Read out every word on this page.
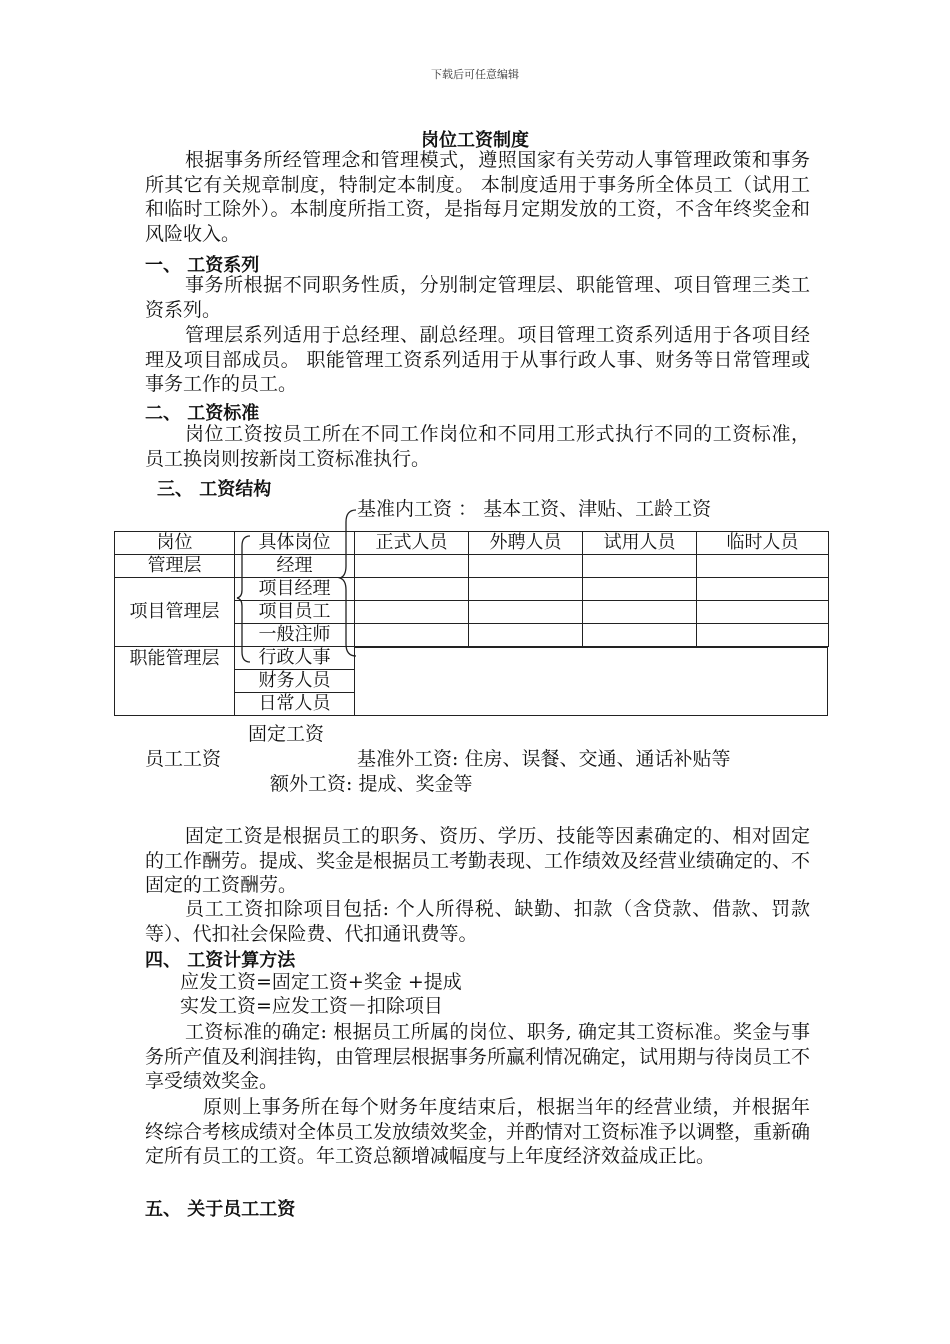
下载后可任意编辑
岗位工资制度
根据事务所经管理念和管理模式，遵照国家有关劳动人事管理政策和事务所其它有关规章制度，特制定本制度。 本制度适用于事务所全体员工（试用工和临时工除外）。本制度所指工资，是指每月定期发放的工资，不含年终奖金和风险收入。
一、 工资系列
事务所根据不同职务性质，分别制定管理层、职能管理、项目管理三类工资系列。
管理层系列适用于总经理、副总经理。项目管理工资系列适用于各项目经理及项目部成员。 职能管理工资系列适用于从事行政人事、财务等日常管理或事务工作的员工。
二、 工资标准
岗位工资按员工所在不同工作岗位和不同用工形式执行不同的工资标准，员工换岗则按新岗工资标准执行。
三、 工资结构
基准内工资 ： 基本工资、津贴、工龄工资
岗位	具体岗位	正式人员	外聘人员	试用人员	临时人员
管理层	经理				
项目管理层	项目经理				
	项目员工				
	一般注师				
职能管理层	行政人事				
	财务人员				
	日常人员				
固定工资
员工工资	基准外工资: 住房、误餐、交通、通话补贴等
额外工资: 提成、奖金等
固定工资是根据员工的职务、资历、学历、技能等因素确定的、相对固定的工作酬劳。提成、奖金是根据员工考勤表现、工作绩效及经营业绩确定的、不固定的工资酬劳。
员工工资扣除项目包括: 个人所得税、缺勤、扣款（含贷款、借款、罚款等）、代扣社会保险费、代扣通讯费等。
四、 工资计算方法
应发工资=固定工资+奖金 +提成
实发工资=应发工资－扣除项目
工资标准的确定: 根据员工所属的岗位、职务, 确定其工资标准。奖金与事务所产值及利润挂钩，由管理层根据事务所赢利情况确定，试用期与待岗员工不享受绩效奖金。
原则上事务所在每个财务年度结束后，根据当年的经营业绩，并根据年终综合考核成绩对全体员工发放绩效奖金，并酌情对工资标准予以调整，重新确定所有员工的工资。年工资总额增减幅度与上年度经济效益成正比。
五、 关于员工工资
